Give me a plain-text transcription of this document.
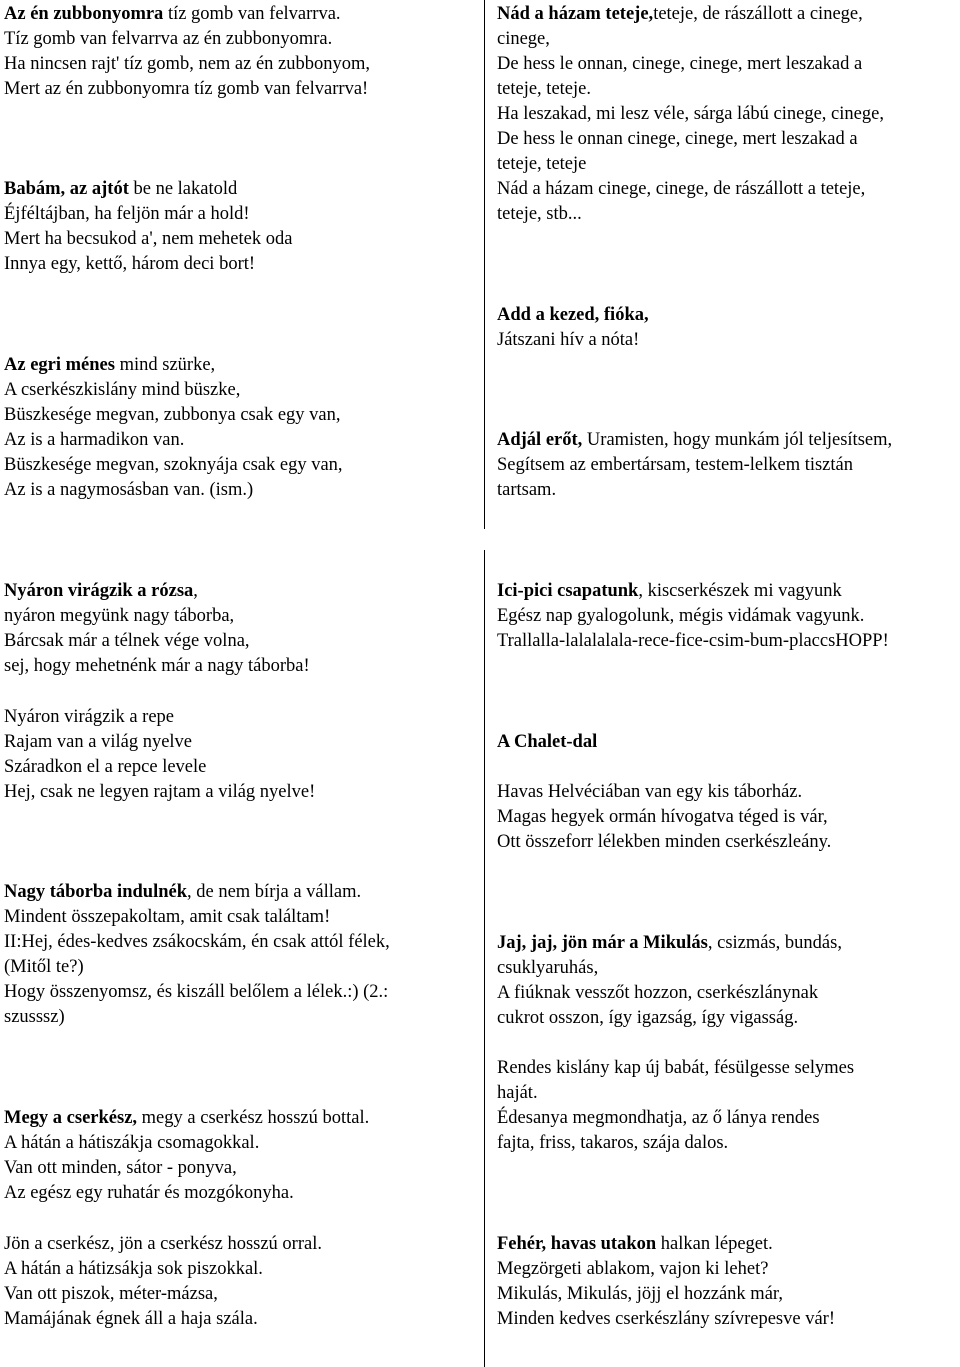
Az én zubbonyomra tíz gomb van felvarrva.
Tíz gomb van felvarrva az én zubbonyomra.
Ha nincsen rajt' tíz gomb, nem az én zubbonyom,
Mert az én zubbonyomra tíz gomb van felvarrva!
Babám, az ajtót be ne lakatold
Éjféltájban, ha feljön már a hold!
Mert ha becsukod a', nem mehetek oda
Innya egy, kettő, három deci bort!
Az egri ménes mind szürke,
A cserkészkislány mind büszke,
Büszkesége megvan, zubbonya csak egy van,
Az is a harmadikon van.
Büszkesége megvan, szoknyája csak egy van,
Az is a nagymosásban van. (ism.)
Nád a házam teteje,teteje, de rászállott a cinege,
cinege,
De hess le onnan, cinege, cinege, mert leszakad a
teteje, teteje.
Ha leszakad, mi lesz véle, sárga lábú cinege, cinege,
De hess le onnan cinege, cinege, mert leszakad a
teteje, teteje
Nád a házam cinege, cinege, de rászállott a teteje,
teteje, stb...
Add a kezed, fióka,
Játszani hív a nóta!
Adjál erőt, Uramisten, hogy munkám jól teljesítsem,
Segítsem az embertársam, testem-lelkem tisztán
tartsam.
Nyáron virágzik a rózsa,
nyáron megyünk nagy táborba,
Bárcsak már a télnek vége volna,
sej, hogy mehetnénk már a nagy táborba!
Nyáron virágzik a repe
Rajam van a világ nyelve
Száradkon el a repce levele
Hej, csak ne legyen rajtam a világ nyelve!
Nagy táborba indulnék, de nem bírja a vállam.
Mindent összepakoltam, amit csak találtam!
II:Hej, édes-kedves zsákocskám, én csak attól félek,
(Mitől te?)
Hogy összenyomsz, és kiszáll belőlem a lélek.:) (2.:
szusssz)
Megy a cserkész, megy a cserkész hosszú bottal.
A hátán a hátiszákja csomagokkal.
Van ott minden, sátor - ponyva,
Az egész egy ruhatár és mozgókonyha.
Jön a cserkész, jön a cserkész hosszú orral.
A hátán a hátizsákja sok piszokkal.
Van ott piszok, méter-mázsa,
Mamájának égnek áll a haja szála.
Ici-pici csapatunk, kiscserkészek mi vagyunk
Egész nap gyalogolunk, mégis vidámak vagyunk.
Trallalla-lalalalala-rece-fice-csim-bum-placcsHOPP!
A Chalet-dal
Havas Helvéciában van egy kis táborház.
Magas hegyek ormán hívogatva téged is vár,
Ott összeforr lélekben minden cserkészleány.
Jaj, jaj, jön már a Mikulás, csizmás, bundás,
csuklyaruhás,
A fiúknak vesszőt hozzon, cserkészlánynak
cukrot osszon, így igazság, így vigasság.
Rendes kislány kap új babát, fésülgesse selymes
haját.
Édesanya megmondhatja, az ő lánya rendes
fajta, friss, takaros, szája dalos.
Fehér, havas utakon halkan lépeget.
Megzörgeti ablakom, vajon ki lehet?
Mikulás, Mikulás, jöjj el hozzánk már,
Minden kedves cserkészlány szívrepesve vár!
